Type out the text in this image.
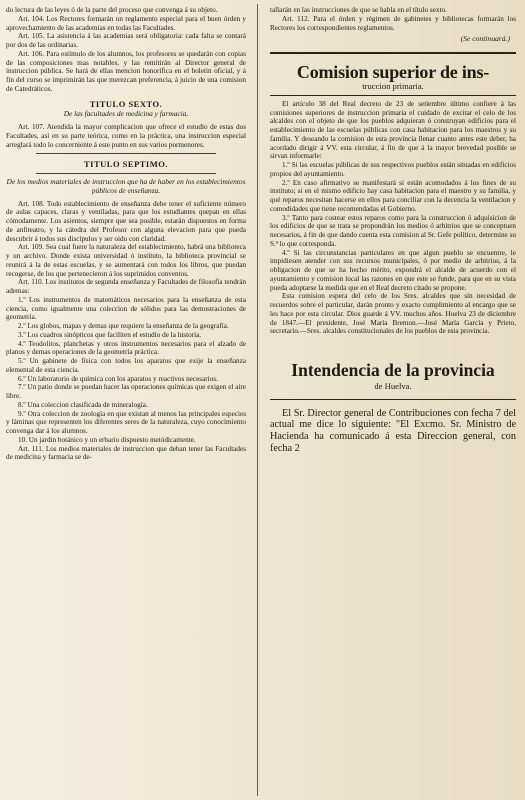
do lectura de las leyes ó de la parte del proceso que convenga á su objeto.

Art. 104. Los Rectores formarán un reglamento especial para el buen órden y aprovechamiento de las academias en todas las Facultades.

Art. 105. La asistencia á las academias será obligatoria: cada falta se contará por dos de las ordinarias.

Art. 106. Para estímulo de los alumnos, los profesores se quedarán con copias de las composiciones mas notables, y las remitirán al Director general de instruccion pública. Se hará de ellas mencion honorífica en el boletin oficial, y á fin del curso se imprimirán las que merezcan preferencia, á juicio de una comision de Catedráticos.

TITULO SEXTO.
De las facultades de medicina y farmacia.

Art. 107. Atendida la mayor complicacion que ofrece el estudio de estas dos Facultades, así en su parte teórica, como en la práctica, una instruccion especial arreglará todo lo concerniente á este punto en sus varios pormenores.

TITULO SEPTIMO.
De los medios materiales de instruccion que ha de haber en los establecimientos públicos de enseñanza.

Art. 108. Todo establecimiento de enseñanza debe tener el suficiente número de aulas capaces, claras y ventiladas, para que los estudiantes quepan en ellas cómodamente. Los asientos, siempre que sea posible, estarán dispuestos en forma de anfiteatro, y la cátedra del Profesor con alguna elevacion para que pueda descubrir á todos sus discípulos y ser oido con claridad.

Art. 109. Sea cual fuere la naturaleza del establecimiento, habrá una biblioteca y un archivo. Donde exista universidad ó instituto, la biblioteca provincial se reunirá á la de estas escuelas, y se aumentará con todos los libros, que puedan recogerse, de los que pertenecieron á los suprimidos conventos.

Art. 110. Los institutos de segunda enseñanza y Facultades de filosofía tendrán ademas:

1.º Los instrumentos de matemáticos necesarios para la enseñanza de esta ciencia, como igualmente una coleccion de sólidos para las demostraciones de geometría.

2.º Los globos, mapas y demas que requiere la enseñanza de la geografía.

3.º Los cuadros sinópticos que faciliten el estudio de la historia.

4.º Teodolitos, planchetas y otros instrumentos necesarios para el alzado de planos y demas operaciones de la geometría práctica.

5.º Un gabinete de física con todos los aparatos que exije la enseñanza elemental de esta ciencia.

6.º Un laboratorio de química con los aparatos y reactivos necesarios.

7.º Un patio donde se puedan hacer las operaciones químicas que exigen el aire libre.

8.º Una coleccion clasificada de mineralogía.

9.º Otra coleccion de zoología en que existan al menos las principales especies y láminas que representen los diferentes seres de la naturaleza, cuyo conocimiento convenga dar á los alumnos.

10. Un jardin botánico y un erbario dispuesto metódicamente.

Art. 111. Los medios materiales de instruccion que deban tener las Facultades de medicina y farmacia se de-

tallarán en las instrucciones de que se habla en el título sexto.

Art. 112. Para el órden y régimen de gabinetes y bibliotecas formarán los Rectores los correspondientes reglamentos.

(Se continuará.)
Comision superior de ins-
truccion primaria.

El artículo 38 del Real decreto de 23 de setiembre último confiere á las comisiones superiores de instruccion primaria el cuidado de excitar el celo de los alcaldes con el objeto de que los pueblos adquieran ó construyan edificios para el establecimiento de las escuelas públicas con casa habitacion para los maestros y su familia. Y deseando la comision de esta provincia llenar cuanto antes este deber, ha acordado dirigir á VV. esta circular, á fin de que á la mayor brevedad posible se sirvan informarle:

1.º Si las escuelas públicas de sus respectivos pueblos están situadas en edificios propios del ayuntamiento.

2.º En caso afirmativo se manifestará si están acomodados á los fines de su instituto; si en el mismo edificio hay casa habitacion para el maestro y su familia, y qué reparos necesitan hacerse en ellos para conciliar con la decencia la ventilacion y comodidades que tiene recomendadas el Gobierno.

3.º Tanto para costear estos reparos como para la construccion ó adquisicion de los edificios de que se trata se propondrán los medios ó arbitrios que se conceptuen necesarios, á fin de que dando cuenta esta comision al Sr. Gefe político, determine su S.ª lo que corresponda.

4.º Si las circunstancias particulares en que algun pueblo se encuentre, le impidiesen atender con sus recursos municipales, ó por medio de arbitrios, á la obligacion de que se ha hecho mérito, expondrá el alcalde de acuerdo con el ayuntamiento y comision local las razones en que este se funde, para que en su vista pueda adoptarse la medida que en el Real decreto citado se propone.

Esta comision espera del celo de los Sres. alcaldes que sin necesidad de recuerdos sobre el particular, darán pronto y exacto cumplimiento al encargo que se les hace por esta circular. Dios guarde á VV. muchos años. Huelva 23 de diciembre de 1847.—El presidente, José María Bremon.—José María García y Prieto, secretario.—Sres. alcaldes constitucionales de los pueblos de esta provincia.

Intendencia de la provincia
de Huelva.

El Sr. Director general de Contribuciones con fecha 7 del actual me dice lo siguiente: "El Excmo. Sr. Ministro de Hacienda ha comunicado á esta Direccion general, con fecha 2
